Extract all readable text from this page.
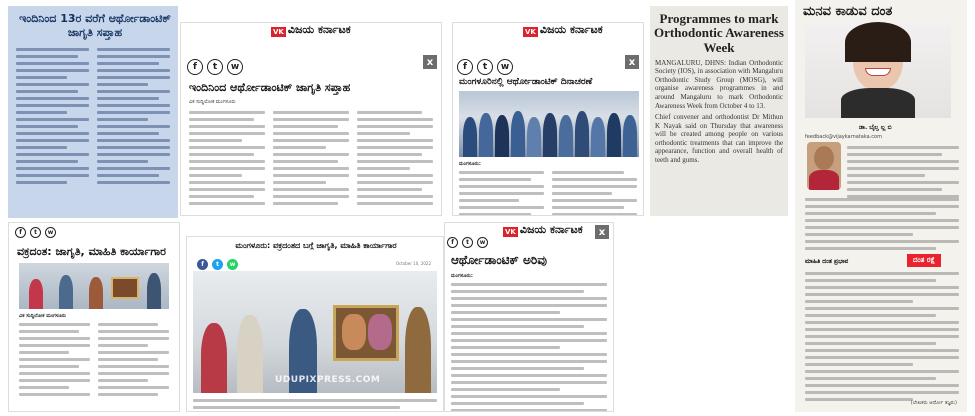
ಇಂದಿನಿಂದ 13ರ ವರೆಗೆ ಆರ್ಥೋಡಾಂಟಿಕ್ ಜಾಗೃತಿ ಸಪ್ತಾಹ	VK ವಿಜಯ ಕರ್ನಾಟಕ
x
f	t	w
ಇಂದಿನಿಂದ ಆರ್ಥೋಡಾಂಟಿಕ್ ಜಾಗೃತಿ ಸಪ್ತಾಹ
ವಿಕ ಸುದ್ದಿಲೋಕ ಮಂಗಳೂರು
VK ವಿಜಯ ಕರ್ನಾಟಕ
x
f	t	w
ಮಂಗಳೂರಿನಲ್ಲಿ ಆರ್ಥೋಡಾಂಟಿಕ್ ದಿನಾಚರಣೆ
ಮಂಗಳೂರು:
Programmes to mark Orthodontic Awareness Week
MANGALURU, DHNS: Indian Orthodontic Society (IOS), in association with Mangaluru Orthodontic Study Group (MOSG), will organise awareness programmes in and around Mangaluru to mark Orthodontic Awareness Week from October 4 to 13.
Chief convener and orthodontist Dr Mithun K Nayak said on Thursday that awareness will be created among people on various orthodontic treatments that can improve the appearance, function and overall health of teeth and gums.
ಮನವ ಕಾಡುವ ದಂತ
ಡಾ. ಬೈಲ್ತ ಲ್ಲ ಬಿ
feedback@vijaykarnataka.com
ಮಾಹಿತಿ ದಂತ ಪ್ರಭಾವ	ದಂತ ರಕ್ಷೆ
(ಲೇಖಕರು ಆರ್ಥೋ ತಜ್ಞರು)
f	t	w
ವಕ್ರದಂತ: ಜಾಗೃತಿ, ಮಾಹಿತಿ ಕಾರ್ಯಾಗಾರ
ವಿಕ ಸುದ್ದಿಲೋಕ ಮಂಗಳೂರು
ಮಂಗಳೂರು: ವಕ್ರದಂತದ ಬಗ್ಗೆ ಜಾಗೃತಿ, ಮಾಹಿತಿ ಕಾರ್ಯಾಗಾರ
f	t	w	October 10, 2022
UDUPIXPRESS.COM
VK ವಿಜಯ ಕರ್ನಾಟಕ	x
f	t	w
ಆರ್ಥೋಡಾಂಟಿಕ್ ಅರಿವು
ಮಂಗಳೂರು:
